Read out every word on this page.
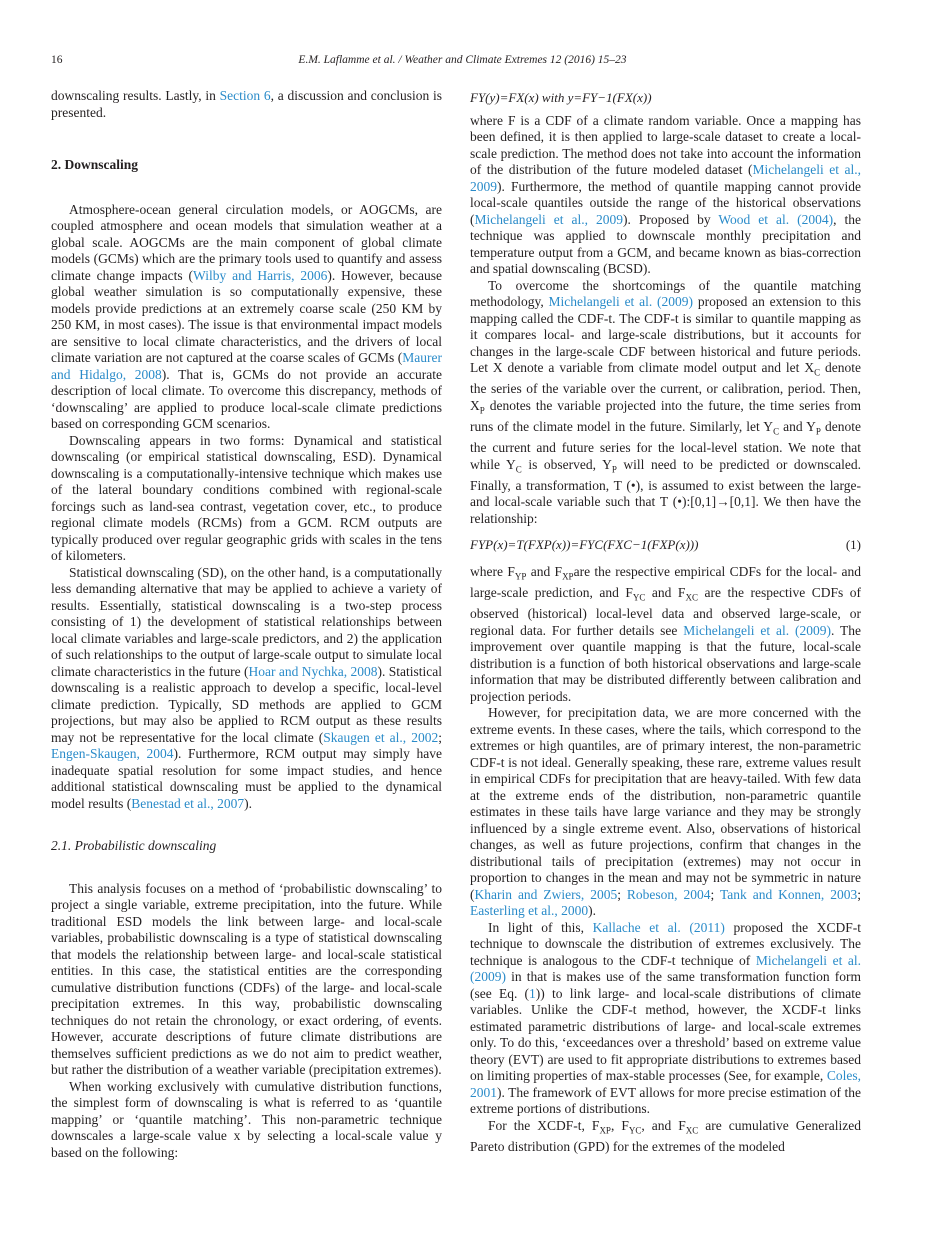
16	E.M. Laflamme et al. / Weather and Climate Extremes 12 (2016) 15–23

downscaling results. Lastly, in Section 6, a discussion and conclusion is presented.

2. Downscaling

Atmosphere-ocean general circulation models, or AOGCMs, are coupled atmosphere and ocean models that simulation weather at a global scale. AOGCMs are the main component of global climate models (GCMs) which are the primary tools used to quantify and assess climate change impacts (Wilby and Harris, 2006). However, because global weather simulation is so computationally expensive, these models provide predictions at an extremely coarse scale (250 KM by 250 KM, in most cases). The issue is that environmental impact models are sensitive to local climate characteristics, and the drivers of local climate variation are not captured at the coarse scales of GCMs (Maurer and Hidalgo, 2008). That is, GCMs do not provide an accurate description of local climate. To overcome this discrepancy, methods of ‘downscaling’ are applied to produce local-scale climate predictions based on corresponding GCM scenarios.

Downscaling appears in two forms: Dynamical and statistical downscaling (or empirical statistical downscaling, ESD). Dynamical downscaling is a computationally-intensive technique which makes use of the lateral boundary conditions combined with regional-scale forcings such as land-sea contrast, vegetation cover, etc., to produce regional climate models (RCMs) from a GCM. RCM outputs are typically produced over regular geographic grids with scales in the tens of kilometers.

Statistical downscaling (SD), on the other hand, is a computationally less demanding alternative that may be applied to achieve a variety of results. Essentially, statistical downscaling is a two-step process consisting of 1) the development of statistical relationships between local climate variables and large-scale predictors, and 2) the application of such relationships to the output of large-scale output to simulate local climate characteristics in the future (Hoar and Nychka, 2008). Statistical downscaling is a realistic approach to develop a specific, local-level climate prediction. Typically, SD methods are applied to GCM projections, but may also be applied to RCM output as these results may not be representative for the local climate (Skaugen et al., 2002; Engen-Skaugen, 2004). Furthermore, RCM output may simply have inadequate spatial resolution for some impact studies, and hence additional statistical downscaling must be applied to the dynamical model results (Benestad et al., 2007).

2.1. Probabilistic downscaling

This analysis focuses on a method of ‘probabilistic downscaling’ to project a single variable, extreme precipitation, into the future. While traditional ESD models the link between large- and local-scale variables, probabilistic downscaling is a type of statistical downscaling that models the relationship between large- and local-scale statistical entities. In this case, the statistical entities are the corresponding cumulative distribution functions (CDFs) of the large- and local-scale precipitation extremes. In this way, probabilistic downscaling techniques do not retain the chronology, or exact ordering, of events. However, accurate descriptions of future climate distributions are themselves sufficient predictions as we do not aim to predict weather, but rather the distribution of a weather variable (precipitation extremes).

When working exclusively with cumulative distribution functions, the simplest form of downscaling is what is referred to as ‘quantile mapping’ or ‘quantile matching’. This non-parametric technique downscales a large-scale value x by selecting a local-scale value y based on the following:

FY(y)=FX(x) with y=FY−1(FX(x))

where F is a CDF of a climate random variable. Once a mapping has been defined, it is then applied to large-scale dataset to create a local-scale prediction. The method does not take into account the information of the distribution of the future modeled dataset (Michelangeli et al., 2009). Furthermore, the method of quantile mapping cannot provide local-scale quantiles outside the range of the historical observations (Michelangeli et al., 2009). Proposed by Wood et al. (2004), the technique was applied to downscale monthly precipitation and temperature output from a GCM, and became known as bias-correction and spatial downscaling (BCSD).

To overcome the shortcomings of the quantile matching methodology, Michelangeli et al. (2009) proposed an extension to this mapping called the CDF-t. The CDF-t is similar to quantile mapping as it compares local- and large-scale distributions, but it accounts for changes in the large-scale CDF between historical and future periods. Let X denote a variable from climate model output and let $X_C$ denote the series of the variable over the current, or calibration, period. Then, $X_P$ denotes the variable projected into the future, the time series from runs of the climate model in the future. Similarly, let $Y_C$ and $Y_P$ denote the current and future series for the local-level station. We note that while $Y_C$ is observed, $Y_P$ will need to be predicted or downscaled. Finally, a transformation, T (•), is assumed to exist between the large- and local-scale variable such that T (•):[0,1]→[0,1]. We then have the relationship:

FYP(x)=T(FXP(x))=FYC(FXC−1(FXP(x)))	(1)

where $F_{YP}$ and $F_{XP}are$ the respective empirical CDFs for the local- and large-scale prediction, and $F_{YC}$ and $F_{XC}$ are the respective CDFs of observed (historical) local-level data and observed large-scale, or regional data. For further details see Michelangeli et al. (2009). The improvement over quantile mapping is that the future, local-scale distribution is a function of both historical observations and large-scale information that may be distributed differently between calibration and projection periods.

However, for precipitation data, we are more concerned with the extreme events. In these cases, where the tails, which correspond to the extremes or high quantiles, are of primary interest, the non-parametric CDF-t is not ideal. Generally speaking, these rare, extreme values result in empirical CDFs for precipitation that are heavy-tailed. With few data at the extreme ends of the distribution, non-parametric quantile estimates in these tails have large variance and they may be strongly influenced by a single extreme event. Also, observations of historical changes, as well as future projections, confirm that changes in the distributional tails of precipitation (extremes) may not occur in proportion to changes in the mean and may not be symmetric in nature (Kharin and Zwiers, 2005; Robeson, 2004; Tank and Konnen, 2003; Easterling et al., 2000).

In light of this, Kallache et al. (2011) proposed the XCDF-t technique to downscale the distribution of extremes exclusively. The technique is analogous to the CDF-t technique of Michelangeli et al. (2009) in that is makes use of the same transformation function form (see Eq. (1)) to link large- and local-scale distributions of climate variables. Unlike the CDF-t method, however, the XCDF-t links estimated parametric distributions of large- and local-scale extremes only. To do this, ‘exceedances over a threshold’ based on extreme value theory (EVT) are used to fit appropriate distributions to extremes based on limiting properties of max-stable processes (See, for example, Coles, 2001). The framework of EVT allows for more precise estimation of the extreme portions of distributions.

For the XCDF-t, $F_{XP}$, $F_{YC}$, and $F_{XC}$ are cumulative Generalized Pareto distribution (GPD) for the extremes of the modeled
